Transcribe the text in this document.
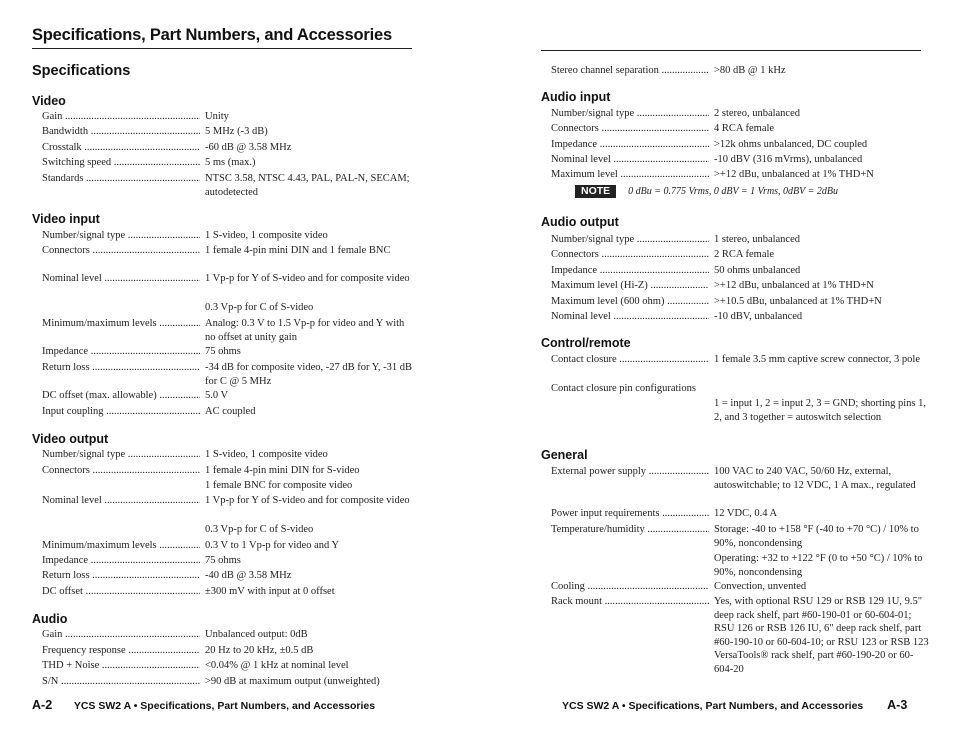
Specifications, Part Numbers, and Accessories
Specifications
Video
Gain .....	Unity
Bandwidth .....	5 MHz (-3 dB)
Crosstalk .....	-60 dB @ 3.58 MHz
Switching speed .....	5 ms (max.)
Standards .....	NTSC 3.58, NTSC 4.43, PAL, PAL-N, SECAM; autodetected
Video input
Number/signal type .....	1 S-video, 1 composite video
Connectors .....	1 female 4-pin mini DIN and 1 female BNC
Nominal level .....	1 Vp-p for Y of S-video and for composite video
0.3 Vp-p for C of S-video
Minimum/maximum levels .....	Analog: 0.3 V to 1.5 Vp-p for video and Y with no offset at unity gain
Impedance .....	75 ohms
Return loss .....	-34 dB for composite video, -27 dB for Y, -31 dB for C @ 5 MHz
DC offset (max. allowable) .....	5.0 V
Input coupling .....	AC coupled
Video output
Number/signal type .....	1 S-video, 1 composite video
Connectors .....	1 female 4-pin mini DIN for S-video
1 female BNC for composite video
Nominal level .....	1 Vp-p for Y of S-video and for composite video
0.3 Vp-p for C of S-video
Minimum/maximum levels .....	0.3 V to 1 Vp-p for video and Y
Impedance .....	75 ohms
Return loss .....	-40 dB @ 3.58 MHz
DC offset .....	±300 mV with input at 0 offset
Audio
Gain .....	Unbalanced output: 0dB
Frequency response .....	20 Hz to 20 kHz, ±0.5 dB
THD + Noise .....	<0.04% @ 1 kHz at nominal level
S/N .....	>90 dB at maximum output (unweighted)
A-2 YCS SW2 A • Specifications, Part Numbers, and Accessories
Stereo channel separation .....	>80 dB @ 1 kHz
Audio input
Number/signal type .....	2 stereo, unbalanced
Connectors .....	4 RCA female
Impedance .....	>12k ohms unbalanced, DC coupled
Nominal level .....	-10 dBV (316 mVrms), unbalanced
Maximum level .....	>+12 dBu, unbalanced at 1% THD+N
NOTE 0 dBu = 0.775 Vrms, 0 dBV = 1 Vrms, 0dBV = 2dBu
Audio output
Number/signal type .....	1 stereo, unbalanced
Connectors .....	2 RCA female
Impedance .....	50 ohms unbalanced
Maximum level (Hi-Z) .....	>+12 dBu, unbalanced at 1% THD+N
Maximum level (600 ohm) .....	>+10.5 dBu, unbalanced at 1% THD+N
Nominal level .....	-10 dBV, unbalanced
Control/remote
Contact closure .....	1 female 3.5 mm captive screw connector, 3 pole
Contact closure pin configurations
1 = input 1, 2 = input 2, 3 = GND; shorting pins 1, 2, and 3 together = autoswitch selection
General
External power supply .....	100 VAC to 240 VAC, 50/60 Hz, external, autoswitchable; to 12 VDC, 1 A max., regulated
Power input requirements .....	12 VDC, 0.4 A
Temperature/humidity .....	Storage: -40 to +158 °F (-40 to +70 °C) / 10% to 90%, noncondensing
Operating: +32 to +122 °F (0 to +50 °C) / 10% to 90%, noncondensing
Cooling .....	Convection, unvented
Rack mount .....	Yes, with optional RSU 129 or RSB 129 1U, 9.5" deep rack shelf, part #60-190-01 or 60-604-01; RSU 126 or RSB 126 IU, 6" deep rack shelf, part #60-190-10 or 60-604-10; or RSU 123 or RSB 123 VersaTools® rack shelf, part #60-190-20 or 60-604-20
YCS SW2 A • Specifications, Part Numbers, and Accessories A-3
